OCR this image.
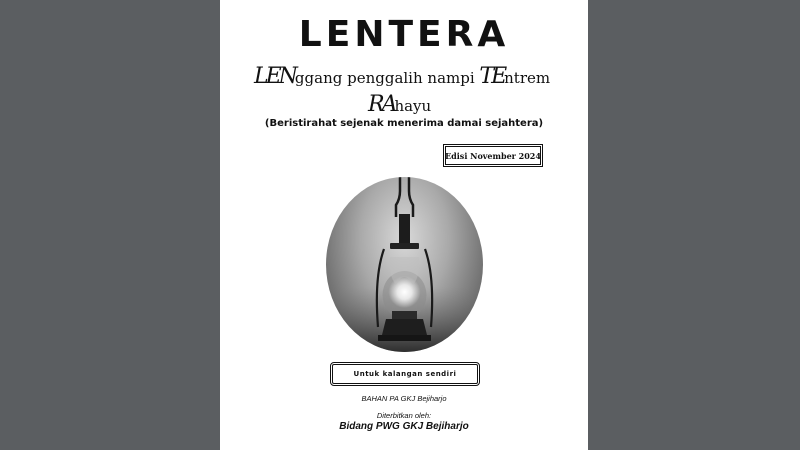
LENTERA
LENggang penggalih nampi TEntrem
RAhayu
(Beristirahat sejenak menerima damai sejahtera)
Edisi November 2024
Untuk kalangan sendiri
BAHAN PA GKJ Bejiharjo
Diterbitkan oleh:
Bidang PWG GKJ Bejiharjo
